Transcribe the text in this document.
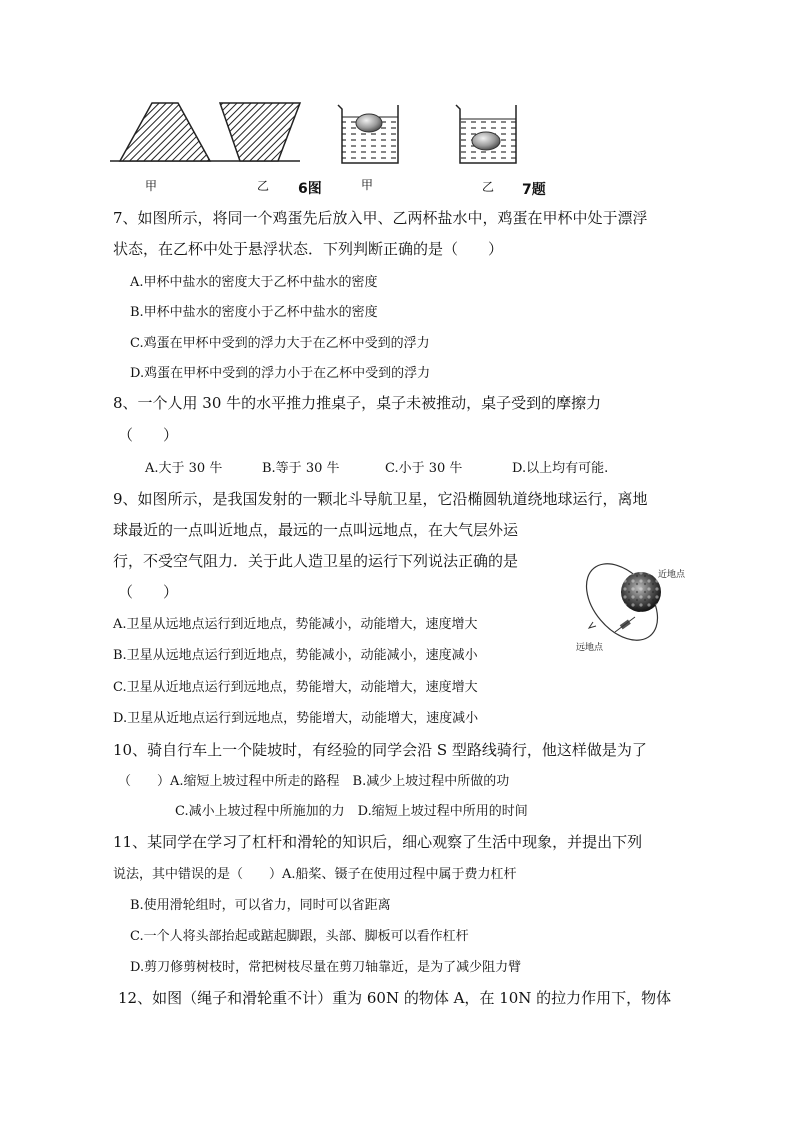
甲	乙 6图	甲	乙 7题
7、如图所示，将同一个鸡蛋先后放入甲、乙两杯盐水中，鸡蛋在甲杯中处于漂浮
状态，在乙杯中处于悬浮状态．下列判断正确的是（　　）
A.甲杯中盐水的密度大于乙杯中盐水的密度
B.甲杯中盐水的密度小于乙杯中盐水的密度
C.鸡蛋在甲杯中受到的浮力大于在乙杯中受到的浮力
D.鸡蛋在甲杯中受到的浮力小于在乙杯中受到的浮力
8、一个人用 30 牛的水平推力推桌子，桌子未被推动，桌子受到的摩擦力
（　　）
A.大于 30 牛	B.等于 30 牛	C.小于 30 牛	D.以上均有可能.
9、如图所示，是我国发射的一颗北斗导航卫星，它沿椭圆轨道绕地球运行，离地
球最近的一点叫近地点，最远的一点叫远地点，在大气层外运
行，不受空气阻力．关于此人造卫星的运行下列说法正确的是
（　　）
A.卫星从远地点运行到近地点，势能减小，动能增大，速度增大
B.卫星从远地点运行到近地点，势能减小，动能减小，速度减小
C.卫星从近地点运行到远地点，势能增大，动能增大，速度增大
D.卫星从近地点运行到远地点，势能增大，动能增大，速度减小
近地点
远地点
10、骑自行车上一个陡坡时，有经验的同学会沿 S 型路线骑行，他这样做是为了
（　　）A.缩短上坡过程中所走的路程　B.减少上坡过程中所做的功
C.减小上坡过程中所施加的力　D.缩短上坡过程中所用的时间
11、某同学在学习了杠杆和滑轮的知识后，细心观察了生活中现象，并提出下列
说法，其中错误的是（　　）A.船桨、镊子在使用过程中属于费力杠杆
B.使用滑轮组时，可以省力，同时可以省距离
C.一个人将头部抬起或踮起脚跟，头部、脚板可以看作杠杆
D.剪刀修剪树枝时，常把树枝尽量在剪刀轴靠近，是为了减少阻力臂
12、如图（绳子和滑轮重不计）重为 60N 的物体 A，在 10N 的拉力作用下，物体
